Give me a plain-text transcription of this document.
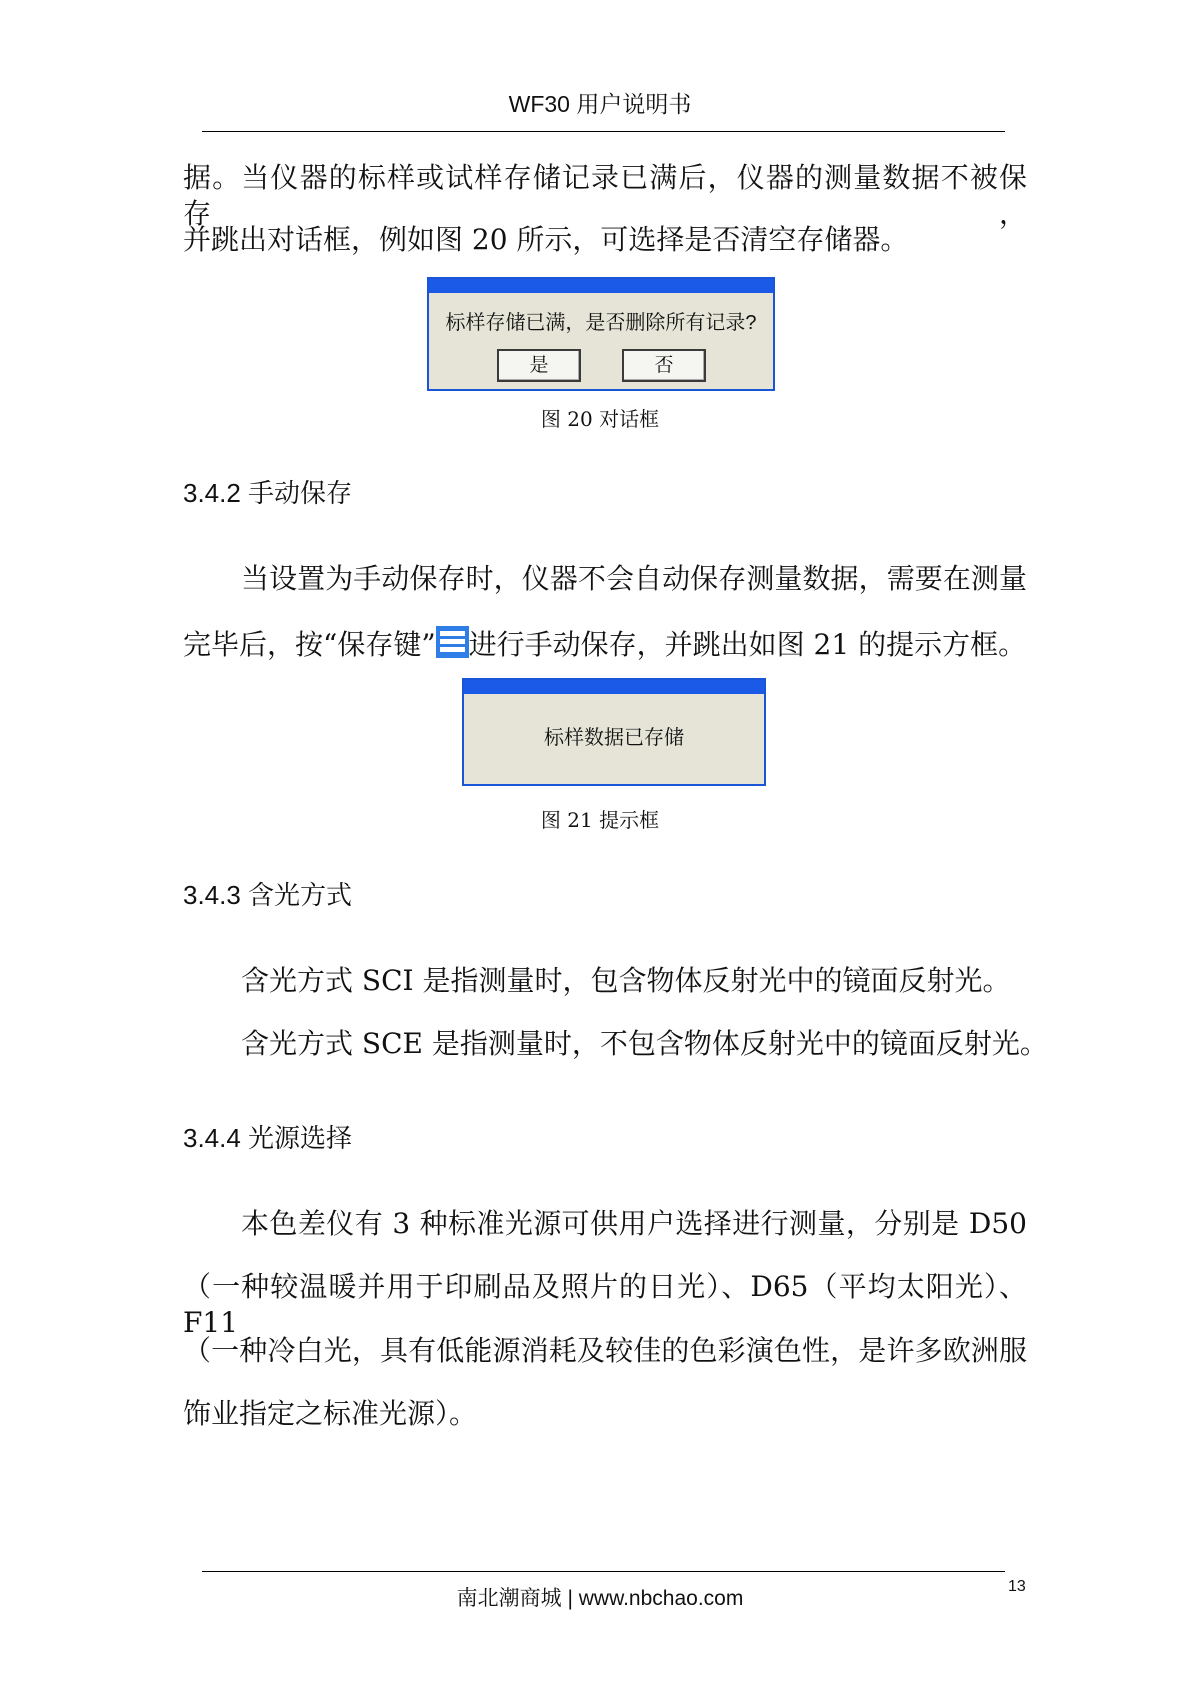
WF30 用户说明书
据。当仪器的标样或试样存储记录已满后，仪器的测量数据不被保存，
并跳出对话框，例如图 20 所示，可选择是否清空存储器。
标样存储已满，是否删除所有记录?
是	否
图 20 对话框
3.4.2 手动保存
当设置为手动保存时，仪器不会自动保存测量数据，需要在测量
完毕后，按“保存键” 进行手动保存，并跳出如图 21 的提示方框。
标样数据已存储
图 21 提示框
3.4.3 含光方式
含光方式 SCI 是指测量时，包含物体反射光中的镜面反射光。
含光方式 SCE 是指测量时，不包含物体反射光中的镜面反射光。
3.4.4 光源选择
本色差仪有 3 种标准光源可供用户选择进行测量，分别是 D50
（一种较温暖并用于印刷品及照片的日光）、D65（平均太阳光）、F11
（一种冷白光，具有低能源消耗及较佳的色彩演色性，是许多欧洲服
饰业指定之标准光源）。
南北潮商城 | www.nbchao.com
13
